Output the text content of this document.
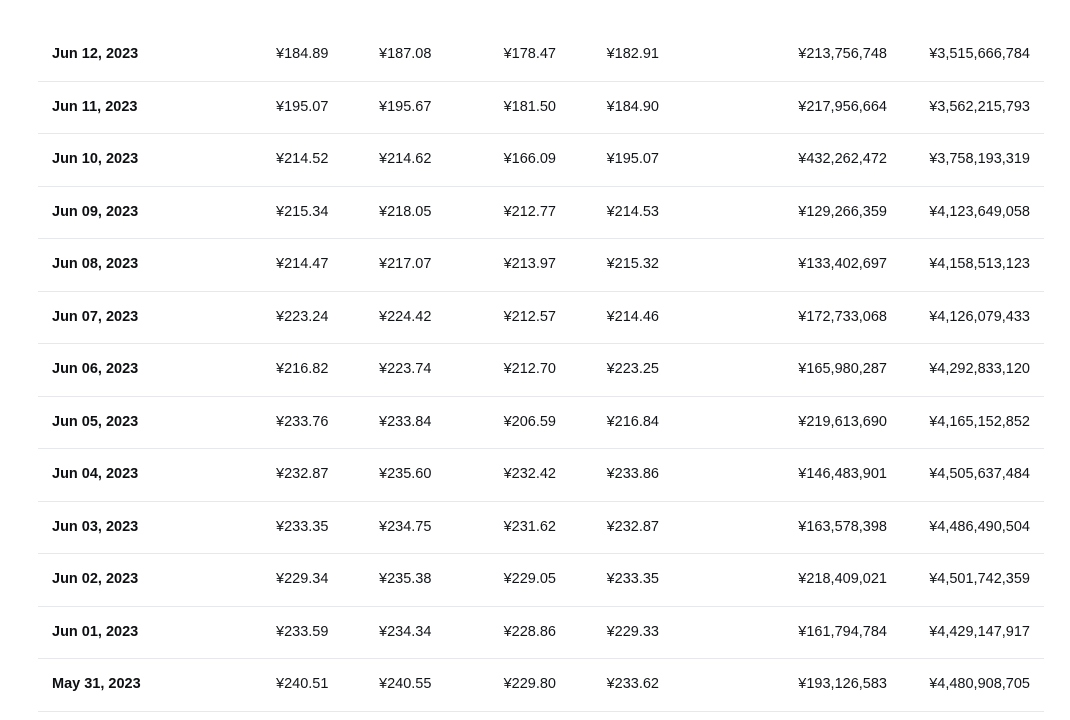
Jun 12, 2023	¥184.89	¥187.08	¥178.47	¥182.91	¥213,756,748	¥3,515,666,784
Jun 11, 2023	¥195.07	¥195.67	¥181.50	¥184.90	¥217,956,664	¥3,562,215,793
Jun 10, 2023	¥214.52	¥214.62	¥166.09	¥195.07	¥432,262,472	¥3,758,193,319
Jun 09, 2023	¥215.34	¥218.05	¥212.77	¥214.53	¥129,266,359	¥4,123,649,058
Jun 08, 2023	¥214.47	¥217.07	¥213.97	¥215.32	¥133,402,697	¥4,158,513,123
Jun 07, 2023	¥223.24	¥224.42	¥212.57	¥214.46	¥172,733,068	¥4,126,079,433
Jun 06, 2023	¥216.82	¥223.74	¥212.70	¥223.25	¥165,980,287	¥4,292,833,120
Jun 05, 2023	¥233.76	¥233.84	¥206.59	¥216.84	¥219,613,690	¥4,165,152,852
Jun 04, 2023	¥232.87	¥235.60	¥232.42	¥233.86	¥146,483,901	¥4,505,637,484
Jun 03, 2023	¥233.35	¥234.75	¥231.62	¥232.87	¥163,578,398	¥4,486,490,504
Jun 02, 2023	¥229.34	¥235.38	¥229.05	¥233.35	¥218,409,021	¥4,501,742,359
Jun 01, 2023	¥233.59	¥234.34	¥228.86	¥229.33	¥161,794,784	¥4,429,147,917
May 31, 2023	¥240.51	¥240.55	¥229.80	¥233.62	¥193,126,583	¥4,480,908,705
